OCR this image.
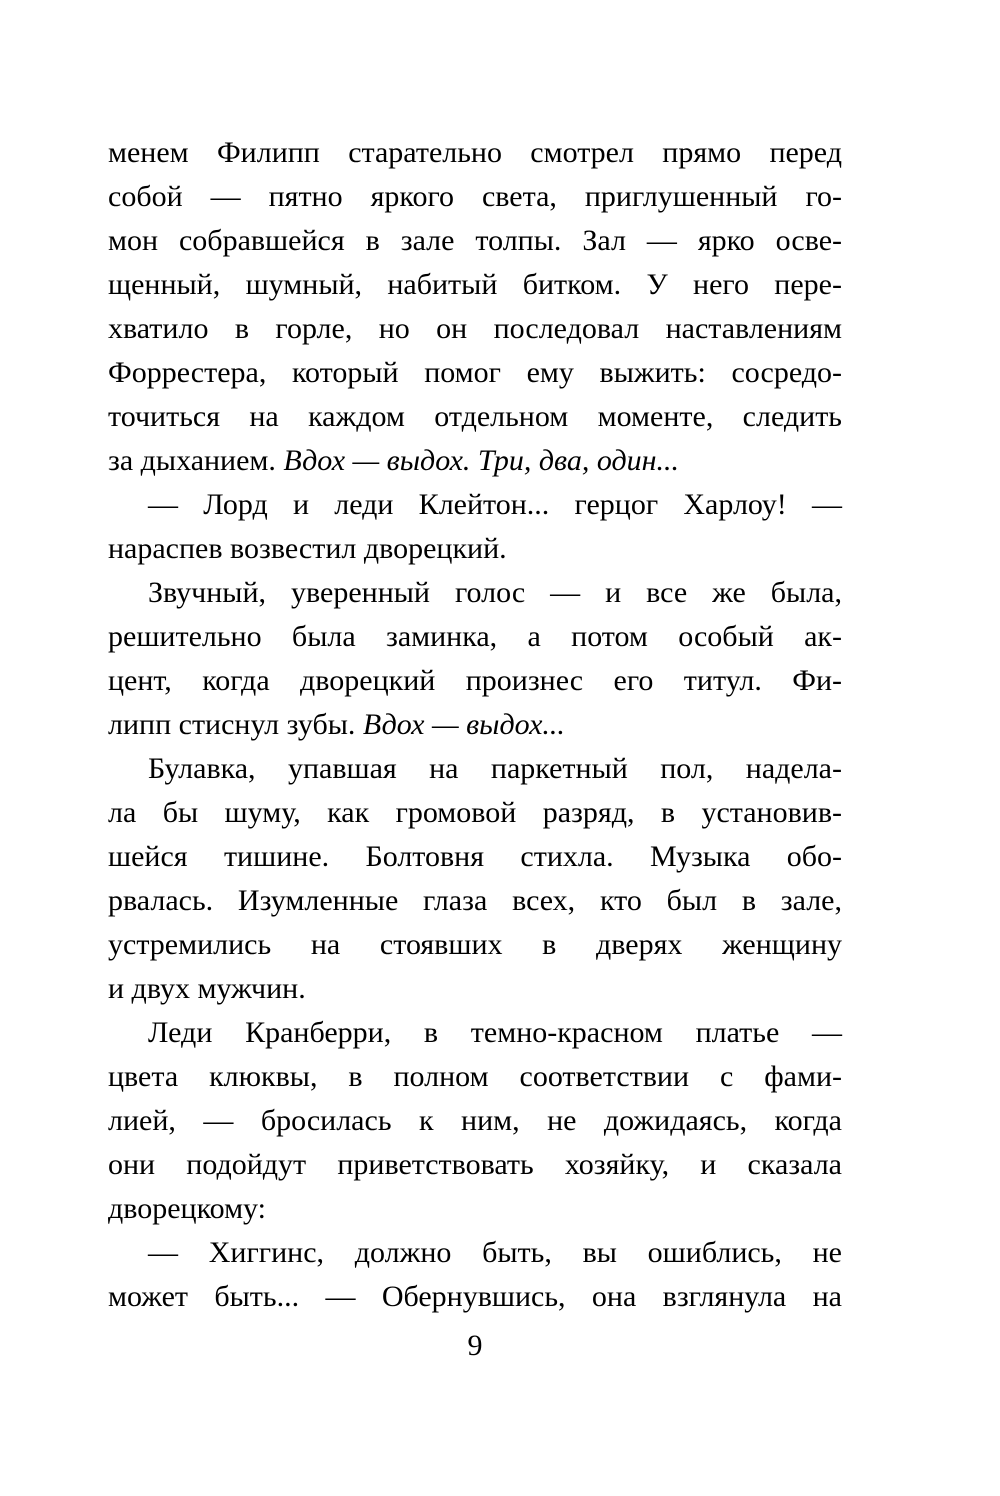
менем Филипп старательно смотрел прямо перед
собой — пятно яркого света, приглушенный го-
мон собравшейся в зале толпы. Зал — ярко осве-
щенный, шумный, набитый битком. У него пере-
хватило в горле, но он последовал наставлениям
Форрестера, который помог ему выжить: сосредо-
точиться на каждом отдельном моменте, следить
за дыханием. Вдох — выдох. Три, два, один...
— Лорд и леди Клейтон... герцог Харлоу! —
нараспев возвестил дворецкий.
Звучный, уверенный голос — и все же была,
решительно была заминка, а потом особый ак-
цент, когда дворецкий произнес его титул. Фи-
липп стиснул зубы. Вдох — выдох...
Булавка, упавшая на паркетный пол, надела-
ла бы шуму, как громовой разряд, в установив-
шейся тишине. Болтовня стихла. Музыка обо-
рвалась. Изумленные глаза всех, кто был в зале,
устремились на стоявших в дверях женщину
и двух мужчин.
Леди Кранберри, в темно-красном платье —
цвета клюквы, в полном соответствии с фами-
лией, — бросилась к ним, не дожидаясь, когда
они подойдут приветствовать хозяйку, и сказала
дворецкому:
— Хиггинс, должно быть, вы ошиблись, не
может быть... — Обернувшись, она взглянула на
9
